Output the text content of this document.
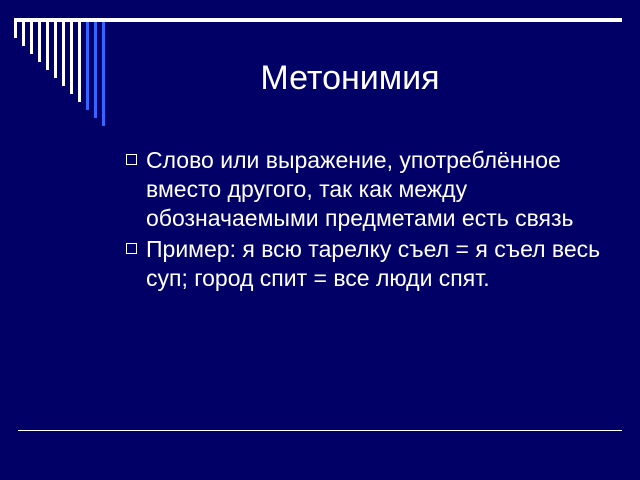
Метонимия
Слово или выражение, употреблённое вместо другого, так как между обозначаемыми предметами есть связь
Пример: я всю тарелку съел = я съел весь суп; город спит = все люди спят.
